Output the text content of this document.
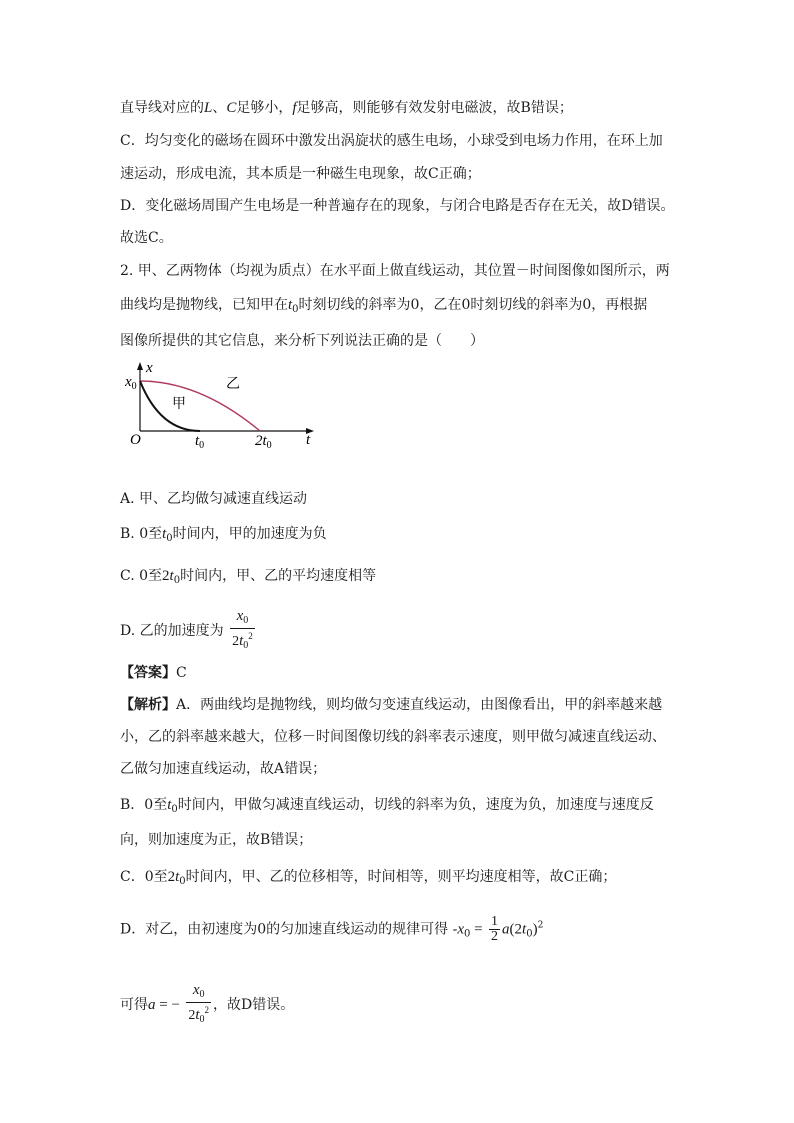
直导线对应的L、C足够小，f足够高，则能够有效发射电磁波，故B错误；
C．均匀变化的磁场在圆环中激发出涡旋状的感生电场，小球受到电场力作用，在环上加
速运动，形成电流，其本质是一种磁生电现象，故C正确；
D．变化磁场周围产生电场是一种普遍存在的现象，与闭合电路是否存在无关，故D错误。
故选C。
2. 甲、乙两物体（均视为质点）在水平面上做直线运动，其位置－时间图像如图所示，两
曲线均是抛物线，已知甲在$t_0$时刻切线的斜率为0，乙在0时刻切线的斜率为0，再根据
图像所提供的其它信息，来分析下列说法正确的是（　　）
x
t
O
$x_0$
$t_0$	$2t_0$
甲
乙
A. 甲、乙均做匀减速直线运动
B. 0至$t_0$时间内，甲的加速度为负
C. 0至$2t_0$时间内，甲、乙的平均速度相等
D. 乙的加速度为 $\frac{x_0}{2t_0^2}$
【答案】C
【解析】A．两曲线均是抛物线，则均做匀变速直线运动，由图像看出，甲的斜率越来越
小，乙的斜率越来越大，位移－时间图像切线的斜率表示速度，则甲做匀减速直线运动、
乙做匀加速直线运动，故A错误；
B．0至$t_0$时间内，甲做匀减速直线运动，切线的斜率为负，速度为负，加速度与速度反
向，则加速度为正，故B错误；
C．0至$2t_0$时间内，甲、乙的位移相等，时间相等，则平均速度相等，故C正确；
D．对乙，由初速度为0的匀加速直线运动的规律可得 $-x_0 = \frac{1}{2} a(2t_0)^2$
可得a = − $\frac{x_0}{2t_0^2}$ ，故D错误。
